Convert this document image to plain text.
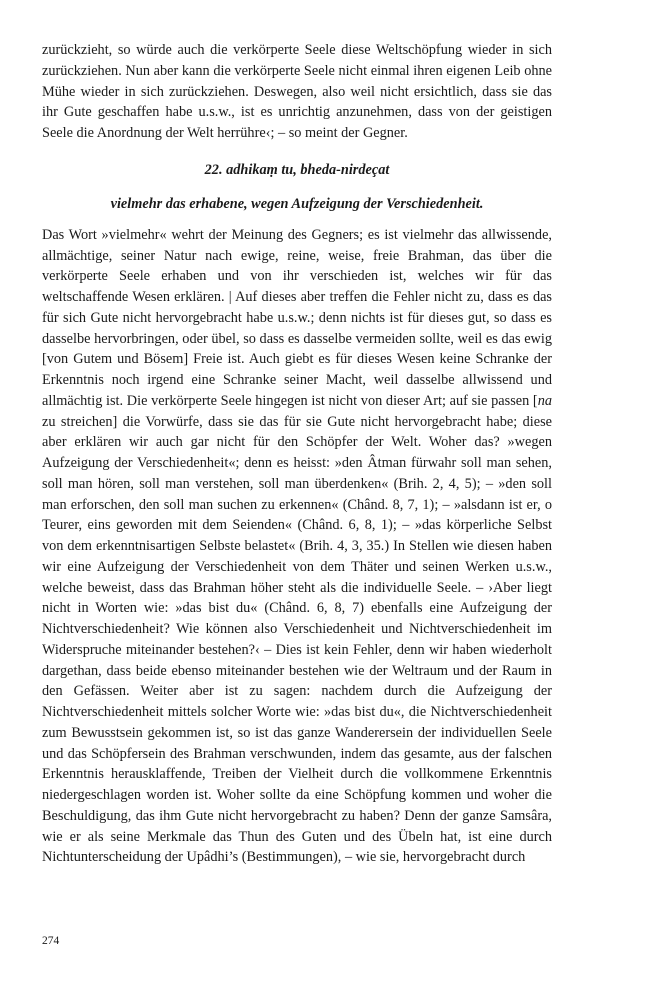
zurückzieht, so würde auch die verkörperte Seele diese Weltschöpfung wieder in sich zurückziehen. Nun aber kann die verkörperte Seele nicht einmal ihren eigenen Leib ohne Mühe wieder in sich zurückziehen. Deswegen, also weil nicht ersichtlich, dass sie das ihr Gute geschaffen habe u.s.w., ist es unrichtig anzunehmen, dass von der geistigen Seele die Anordnung der Welt herrühre‹; – so meint der Gegner.

22. adhikaṃ tu, bheda-nirdeçat
vielmehr das erhabene, wegen Aufzeigung der Verschiedenheit.

Das Wort »vielmehr« wehrt der Meinung des Gegners; es ist vielmehr das allwissende, allmächtige, seiner Natur nach ewige, reine, weise, freie Brahman, das über die verkörperte Seele erhaben und von ihr verschieden ist, welches wir für das weltschaffende Wesen erklären. | Auf dieses aber treffen die Fehler nicht zu, dass es das für sich Gute nicht hervorgebracht habe u.s.w.; denn nichts ist für dieses gut, so dass es dasselbe hervorbringen, oder übel, so dass es dasselbe vermeiden sollte, weil es das ewig [von Gutem und Bösem] Freie ist. Auch giebt es für dieses Wesen keine Schranke der Erkenntnis noch irgend eine Schranke seiner Macht, weil dasselbe allwissend und allmächtig ist. Die verkörperte Seele hingegen ist nicht von dieser Art; auf sie passen [na zu streichen] die Vorwürfe, dass sie das für sie Gute nicht hervorgebracht habe; diese aber erklären wir auch gar nicht für den Schöpfer der Welt. Woher das? »wegen Aufzeigung der Verschiedenheit«; denn es heisst: »den Âtman fürwahr soll man sehen, soll man hören, soll man verstehen, soll man überdenken« (Brih. 2, 4, 5); – »den soll man erforschen, den soll man suchen zu erkennen« (Chând. 8, 7, 1); – »alsdann ist er, o Teurer, eins geworden mit dem Seienden« (Chând. 6, 8, 1); – »das körperliche Selbst von dem erkenntnisartigen Selbste belastet« (Brih. 4, 3, 35.) In Stellen wie diesen haben wir eine Aufzeigung der Verschiedenheit von dem Thäter und seinen Werken u.s.w., welche beweist, dass das Brahman höher steht als die individuelle Seele. – ›Aber liegt nicht in Worten wie: »das bist du« (Chând. 6, 8, 7) ebenfalls eine Aufzeigung der Nichtverschiedenheit? Wie können also Verschiedenheit und Nichtverschiedenheit im Widerspruche miteinander bestehen?‹ – Dies ist kein Fehler, denn wir haben wiederholt dargethan, dass beide ebenso miteinander bestehen wie der Weltraum und der Raum in den Gefässen. Weiter aber ist zu sagen: nachdem durch die Aufzeigung der Nichtverschiedenheit mittels solcher Worte wie: »das bist du«, die Nichtverschiedenheit zum Bewusstsein gekommen ist, so ist das ganze Wanderersein der individuellen Seele und das Schöpfersein des Brahman verschwunden, indem das gesamte, aus der falschen Erkenntnis herausklaffende, Treiben der Vielheit durch die vollkommene Erkenntnis niedergeschlagen worden ist. Woher sollte da eine Schöpfung kommen und woher die Beschuldigung, das ihm Gute nicht hervorgebracht zu haben? Denn der ganze Samsâra, wie er als seine Merkmale das Thun des Guten und des Übeln hat, ist eine durch Nichtunterscheidung der Upâdhi’s (Bestimmungen), – wie sie, hervorgebracht durch

274
